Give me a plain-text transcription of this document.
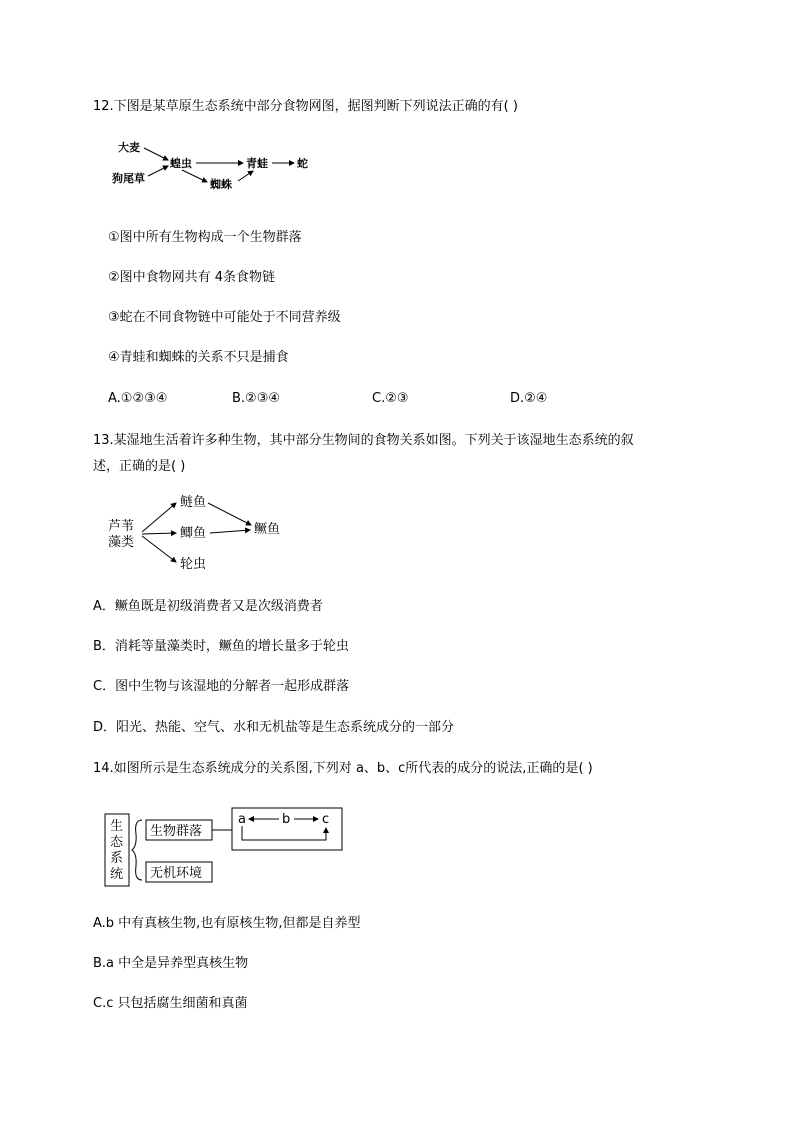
12.下图是某草原生态系统中部分食物网图，据图判断下列说法正确的有( )
大麦
狗尾草
蝗虫	青蛙	蛇
蜘蛛
①图中所有生物构成一个生物群落
②图中食物网共有 4条食物链
③蛇在不同食物链中可能处于不同营养级
④青蛙和蜘蛛的关系不只是捕食
A.①②③④	B.②③④	C.②③	D.②④
13.某湿地生活着许多种生物，其中部分生物间的食物关系如图。下列关于该湿地生态系统的叙
述，正确的是( )
芦苇
藻类
鲢鱼
鲫鱼
轮虫
鳜鱼
A．鳜鱼既是初级消费者又是次级消费者
B．消耗等量藻类时，鳜鱼的增长量多于轮虫
C．图中生物与该湿地的分解者一起形成群落
D．阳光、热能、空气、水和无机盐等是生态系统成分的一部分
14.如图所示是生态系统成分的关系图,下列对 a、b、c所代表的成分的说法,正确的是( )
生
态
系
统
生物群落
无机环境
a	b c
A.b 中有真核生物,也有原核生物,但都是自养型
B.a 中全是异养型真核生物
C.c 只包括腐生细菌和真菌
